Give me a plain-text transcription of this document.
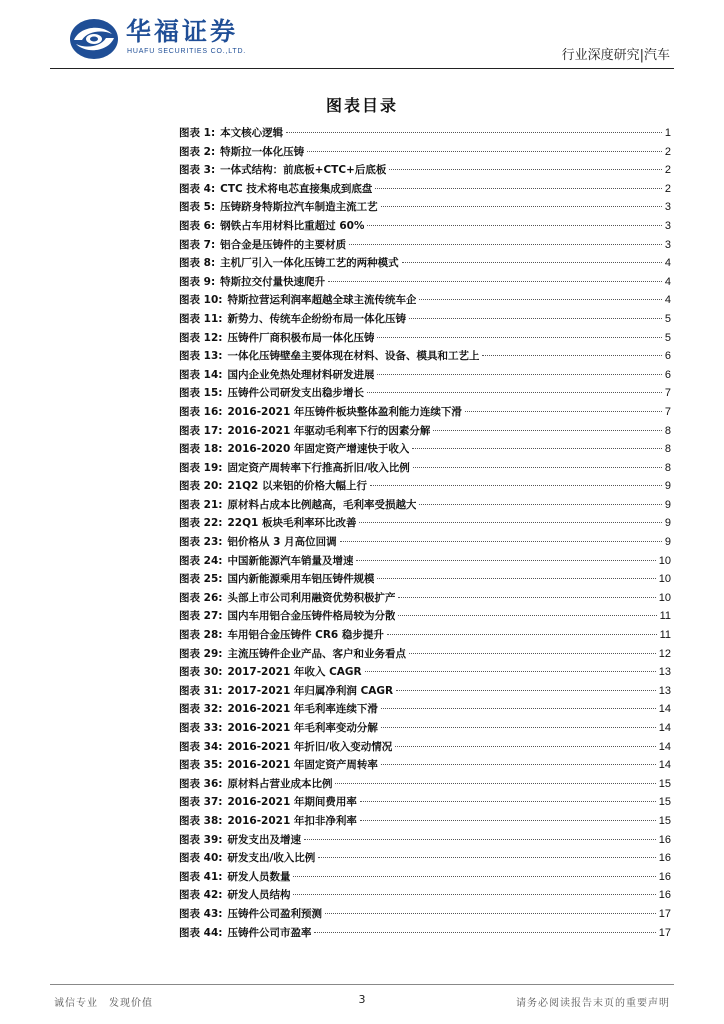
华福证券
HUAFU SECURITIES CO.,LTD.	行业深度研究|汽车
图表目录
图表 1: 本文核心逻辑	1
图表 2: 特斯拉一体化压铸	2
图表 3: 一体式结构：前底板+CTC+后底板	2
图表 4: CTC 技术将电芯直接集成到底盘	2
图表 5: 压铸跻身特斯拉汽车制造主流工艺	3
图表 6: 钢铁占车用材料比重超过 60%	3
图表 7: 铝合金是压铸件的主要材质	3
图表 8: 主机厂引入一体化压铸工艺的两种模式	4
图表 9: 特斯拉交付量快速爬升	4
图表 10: 特斯拉营运利润率超越全球主流传统车企	4
图表 11: 新势力、传统车企纷纷布局一体化压铸	5
图表 12: 压铸件厂商积极布局一体化压铸	5
图表 13: 一体化压铸壁垒主要体现在材料、设备、模具和工艺上	6
图表 14: 国内企业免热处理材料研发进展	6
图表 15: 压铸件公司研发支出稳步增长	7
图表 16: 2016-2021 年压铸件板块整体盈利能力连续下滑	7
图表 17: 2016-2021 年驱动毛利率下行的因素分解	8
图表 18: 2016-2020 年固定资产增速快于收入	8
图表 19: 固定资产周转率下行推高折旧/收入比例	8
图表 20: 21Q2 以来铝的价格大幅上行	9
图表 21: 原材料占成本比例越高，毛利率受损越大	9
图表 22: 22Q1 板块毛利率环比改善	9
图表 23: 铝价格从 3 月高位回调	9
图表 24: 中国新能源汽车销量及增速	10
图表 25: 国内新能源乘用车铝压铸件规模	10
图表 26: 头部上市公司利用融资优势积极扩产	10
图表 27: 国内车用铝合金压铸件格局较为分散	11
图表 28: 车用铝合金压铸件 CR6 稳步提升	11
图表 29: 主流压铸件企业产品、客户和业务看点	12
图表 30: 2017-2021 年收入 CAGR	13
图表 31: 2017-2021 年归属净利润 CAGR	13
图表 32: 2016-2021 年毛利率连续下滑	14
图表 33: 2016-2021 年毛利率变动分解	14
图表 34: 2016-2021 年折旧/收入变动情况	14
图表 35: 2016-2021 年固定资产周转率	14
图表 36: 原材料占营业成本比例	15
图表 37: 2016-2021 年期间费用率	15
图表 38: 2016-2021 年扣非净利率	15
图表 39: 研发支出及增速	16
图表 40: 研发支出/收入比例	16
图表 41: 研发人员数量	16
图表 42: 研发人员结构	16
图表 43: 压铸件公司盈利预测	17
图表 44: 压铸件公司市盈率	17
诚信专业　发现价值	3	请务必阅读报告末页的重要声明
